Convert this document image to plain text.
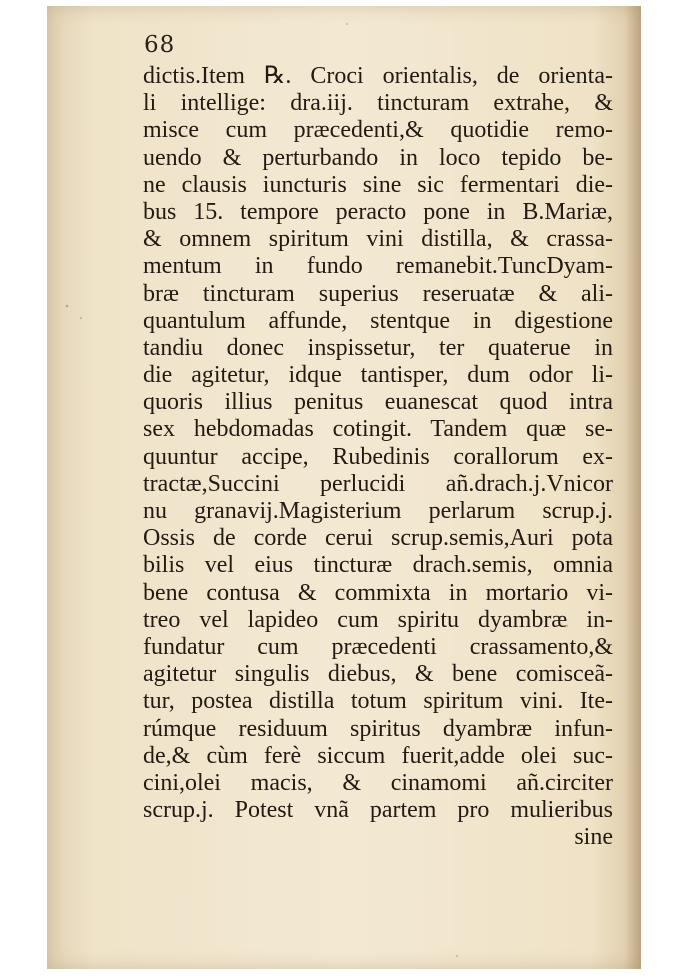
68
dictis.Item ℞. Croci orientalis, de orienta-
li intellige: dra.iij. tincturam extrahe, &
misce cum præcedenti,& quotidie remo-
uendo & perturbando in loco tepido be-
ne clausis iuncturis sine sic fermentari die-
bus 15. tempore peracto pone in B.Mariæ,
& omnem spiritum vini distilla, & crassa-
mentum in fundo remanebit.TuncDyam-
bræ tincturam superius reseruatæ & ali-
quantulum affunde, stentque in digestione
tandiu donec inspissetur, ter quaterue in
die agitetur, idque tantisper, dum odor li-
quoris illius penitus euanescat quod intra
sex hebdomadas cotingit. Tandem quæ se-
quuntur accipe, Rubedinis corallorum ex-
tractæ,Succini perlucidi añ.drach.j.Vnicor
nu granavij.Magisterium perlarum scrup.j.
Ossis de corde cerui scrup.semis,Auri pota
bilis vel eius tincturæ drach.semis, omnia
bene contusa & commixta in mortario vi-
treo vel lapideo cum spiritu dyambræ in-
fundatur cum præcedenti crassamento,&
agitetur singulis diebus, & bene comisceã-
tur, postea distilla totum spiritum vini. Ite-
rúmque residuum spiritus dyambræ infun-
de,& cùm ferè siccum fuerit,adde olei suc-
cini,olei macis, & cinamomi añ.circiter
scrup.j. Potest vnã partem pro mulieribus
sine
